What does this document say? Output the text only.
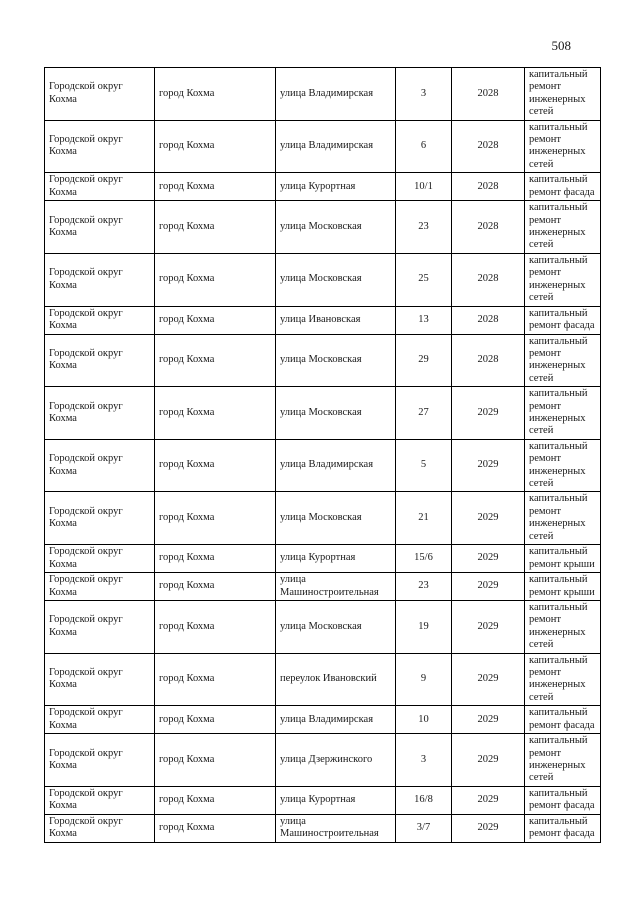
508
Городской округ Кохма	город Кохма	улица Владимирская	3	2028	капитальный ремонт инженерных сетей
Городской округ Кохма	город Кохма	улица Владимирская	6	2028	капитальный ремонт инженерных сетей
Городской округ Кохма	город Кохма	улица Курортная	10/1	2028	капитальный ремонт фасада
Городской округ Кохма	город Кохма	улица Московская	23	2028	капитальный ремонт инженерных сетей
Городской округ Кохма	город Кохма	улица Московская	25	2028	капитальный ремонт инженерных сетей
Городской округ Кохма	город Кохма	улица Ивановская	13	2028	капитальный ремонт фасада
Городской округ Кохма	город Кохма	улица Московская	29	2028	капитальный ремонт инженерных сетей
Городской округ Кохма	город Кохма	улица Московская	27	2029	капитальный ремонт инженерных сетей
Городской округ Кохма	город Кохма	улица Владимирская	5	2029	капитальный ремонт инженерных сетей
Городской округ Кохма	город Кохма	улица Московская	21	2029	капитальный ремонт инженерных сетей
Городской округ Кохма	город Кохма	улица Курортная	15/6	2029	капитальный ремонт крыши
Городской округ Кохма	город Кохма	улица Машиностроительная	23	2029	капитальный ремонт крыши
Городской округ Кохма	город Кохма	улица Московская	19	2029	капитальный ремонт инженерных сетей
Городской округ Кохма	город Кохма	переулок Ивановский	9	2029	капитальный ремонт инженерных сетей
Городской округ Кохма	город Кохма	улица Владимирская	10	2029	капитальный ремонт фасада
Городской округ Кохма	город Кохма	улица Дзержинского	3	2029	капитальный ремонт инженерных сетей
Городской округ Кохма	город Кохма	улица Курортная	16/8	2029	капитальный ремонт фасада
Городской округ Кохма	город Кохма	улица Машиностроительная	3/7	2029	капитальный ремонт фасада
